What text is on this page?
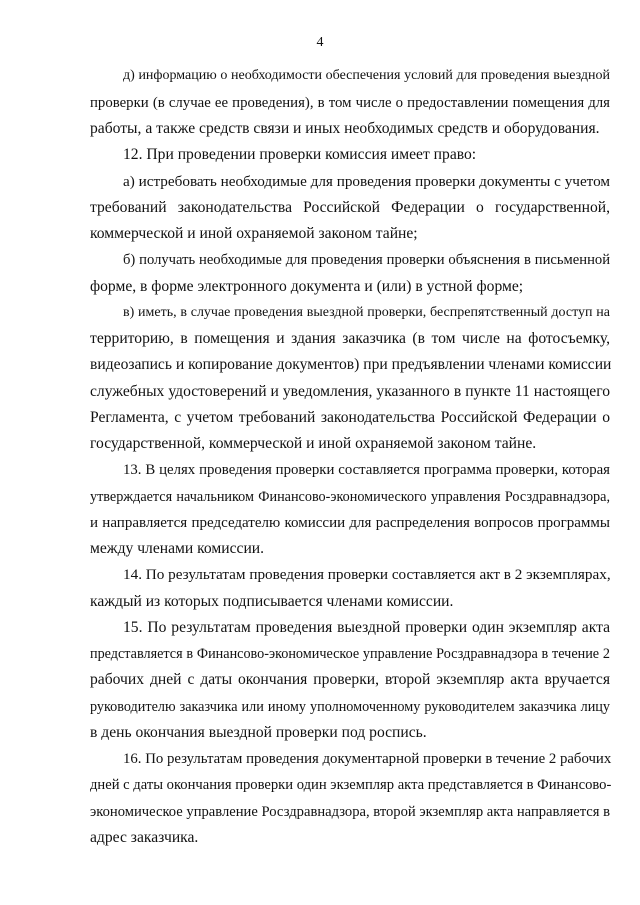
4
д) информацию о необходимости обеспечения условий для проведения выездной
проверки (в случае ее проведения), в том числе о предоставлении помещения для
работы, а также средств связи и иных необходимых средств и оборудования.
12. При проведении проверки комиссия имеет право:
а) истребовать необходимые для проведения проверки документы с учетом
требований законодательства Российской Федерации о государственной,
коммерческой и иной охраняемой законом тайне;
б) получать необходимые для проведения проверки объяснения в письменной
форме, в форме электронного документа и (или) в устной форме;
в) иметь, в случае проведения выездной проверки, беспрепятственный доступ на
территорию, в помещения и здания заказчика (в том числе на фотосъемку,
видеозапись и копирование документов) при предъявлении членами комиссии
служебных удостоверений и уведомления, указанного в пункте 11 настоящего
Регламента, с учетом требований законодательства Российской Федерации о
государственной, коммерческой и иной охраняемой законом тайне.
13. В целях проведения проверки составляется программа проверки, которая
утверждается начальником Финансово-экономического управления Росздравнадзора,
и направляется председателю комиссии для распределения вопросов программы
между членами комиссии.
14. По результатам проведения проверки составляется акт в 2 экземплярах,
каждый из которых подписывается членами комиссии.
15. По результатам проведения выездной проверки один экземпляр акта
представляется в Финансово-экономическое управление Росздравнадзора в течение 2
рабочих дней с даты окончания проверки, второй экземпляр акта вручается
руководителю заказчика или иному уполномоченному руководителем заказчика лицу
в день окончания выездной проверки под роспись.
16. По результатам проведения документарной проверки в течение 2 рабочих
дней с даты окончания проверки один экземпляр акта представляется в Финансово-
экономическое управление Росздравнадзора, второй экземпляр акта направляется в
адрес заказчика.
